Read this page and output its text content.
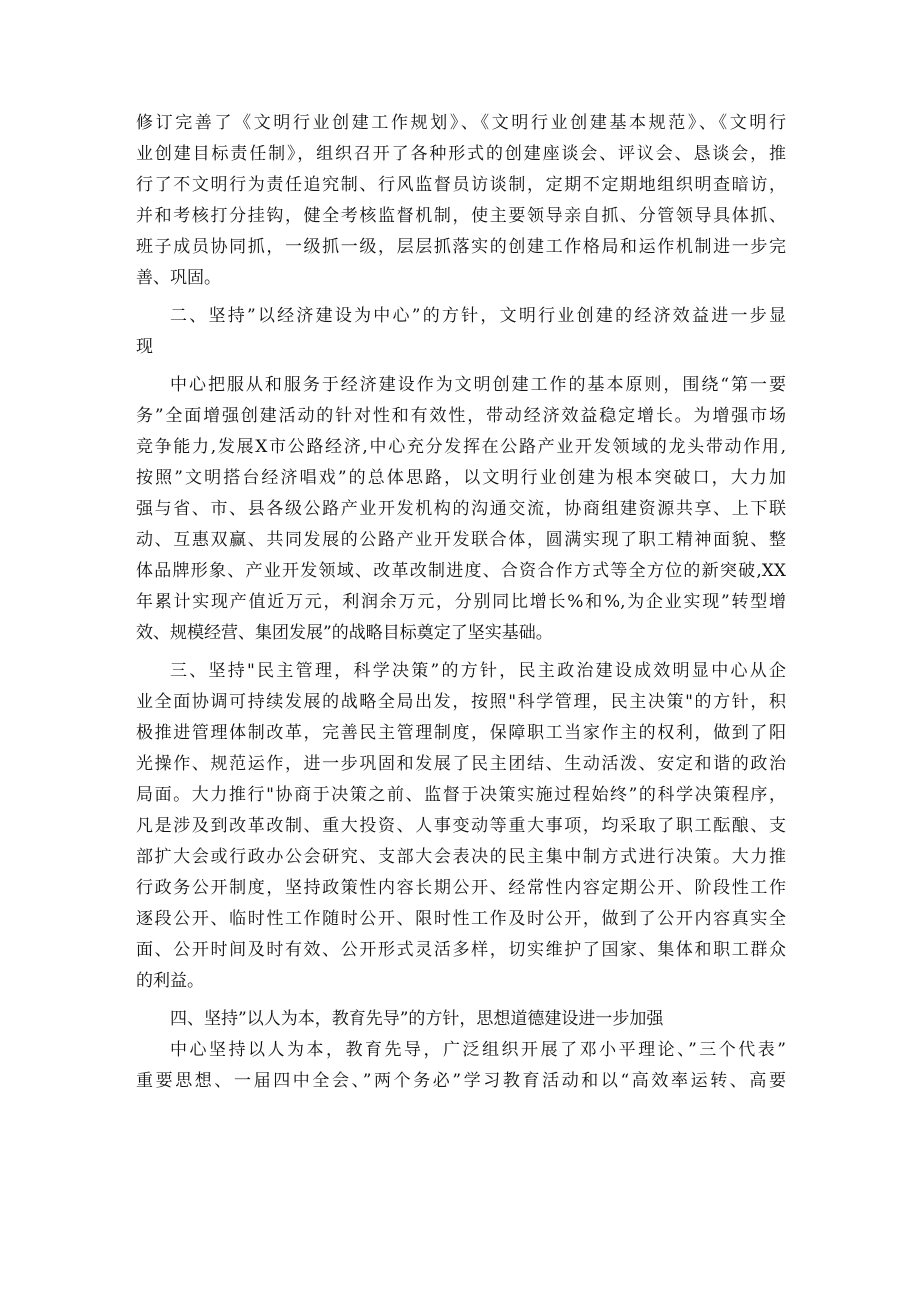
修订完善了《文明行业创建工作规划》、《文明行业创建基本规范》、《文明行
业创建目标责任制》，组织召开了各种形式的创建座谈会、评议会、恳谈会，推
行了不文明行为责任追究制、行风监督员访谈制，定期不定期地组织明查暗访，
并和考核打分挂钩，健全考核监督机制，使主要领导亲自抓、分管领导具体抓、
班子成员协同抓，一级抓一级，层层抓落实的创建工作格局和运作机制进一步完
善、巩固。
二、坚持”以经济建设为中心”的方针，文明行业创建的经济效益进一步显
现
中心把服从和服务于经济建设作为文明创建工作的基本原则，围绕“第一要
务”全面增强创建活动的针对性和有效性，带动经济效益稳定增长。为增强市场
竞争能力,发展X市公路经济,中心充分发挥在公路产业开发领域的龙头带动作用,
按照”文明搭台经济唱戏”的总体思路，以文明行业创建为根本突破口，大力加
强与省、市、县各级公路产业开发机构的沟通交流，协商组建资源共享、上下联
动、互惠双赢、共同发展的公路产业开发联合体，圆满实现了职工精神面貌、整
体品牌形象、产业开发领域、改革改制进度、合资合作方式等全方位的新突破,XX
年累计实现产值近万元，利润余万元，分别同比增长%和%,为企业实现”转型增
效、规模经营、集团发展”的战略目标奠定了坚实基础。
三、坚持"民主管理，科学决策”的方针，民主政治建设成效明显中心从企
业全面协调可持续发展的战略全局出发，按照"科学管理，民主决策"的方针，积
极推进管理体制改革，完善民主管理制度，保障职工当家作主的权利，做到了阳
光操作、规范运作，进一步巩固和发展了民主团结、生动活泼、安定和谐的政治
局面。大力推行"协商于决策之前、监督于决策实施过程始终”的科学决策程序，
凡是涉及到改革改制、重大投资、人事变动等重大事项，均采取了职工酝酿、支
部扩大会或行政办公会研究、支部大会表决的民主集中制方式进行决策。大力推
行政务公开制度，坚持政策性内容长期公开、经常性内容定期公开、阶段性工作
逐段公开、临时性工作随时公开、限时性工作及时公开，做到了公开内容真实全
面、公开时间及时有效、公开形式灵活多样，切实维护了国家、集体和职工群众
的利益。
四、坚持”以人为本，教育先导”的方针，思想道德建设进一步加强
中心坚持以人为本，教育先导，广泛组织开展了邓小平理论、”三个代表”
重要思想、一届四中全会、”两个务必”学习教育活动和以“高效率运转、高要
